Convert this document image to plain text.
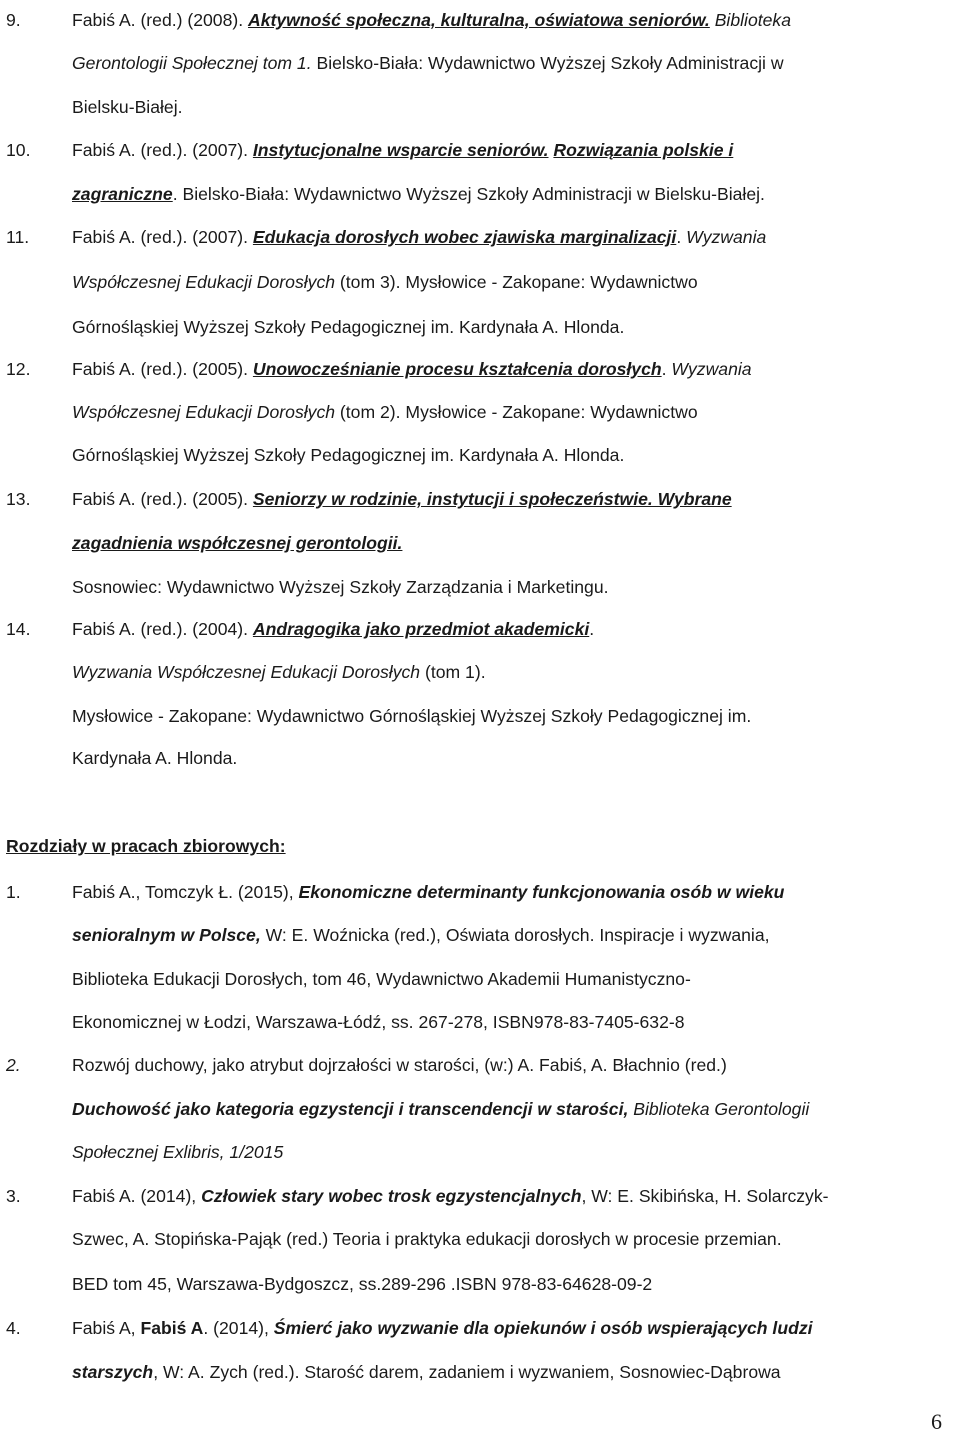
9.	Fabiś A. (red.) (2008). Aktywność społeczna, kulturalna, oświatowa seniorów. Biblioteka
Gerontologii Społecznej tom 1. Bielsko-Biała: Wydawnictwo Wyższej Szkoły Administracji w
Bielsku-Białej.
10. Fabiś A. (red.). (2007). Instytucjonalne wsparcie seniorów. Rozwiązania polskie i
zagraniczne. Bielsko-Biała: Wydawnictwo Wyższej Szkoły Administracji w Bielsku-Białej.
11. Fabiś A. (red.). (2007). Edukacja dorosłych wobec zjawiska marginalizacji. Wyzwania
Współczesnej Edukacji Dorosłych (tom 3). Mysłowice - Zakopane: Wydawnictwo
Górnośląskiej Wyższej Szkoły Pedagogicznej im. Kardynała A. Hlonda.
12. Fabiś A. (red.). (2005). Unowocześnianie procesu kształcenia dorosłych. Wyzwania
Współczesnej Edukacji Dorosłych (tom 2). Mysłowice - Zakopane: Wydawnictwo
Górnośląskiej Wyższej Szkoły Pedagogicznej im. Kardynała A. Hlonda.
13. Fabiś A. (red.). (2005). Seniorzy w rodzinie, instytucji i społeczeństwie. Wybrane
zagadnienia współczesnej gerontologii.
Sosnowiec: Wydawnictwo Wyższej Szkoły Zarządzania i Marketingu.
14. Fabiś A. (red.). (2004). Andragogika jako przedmiot akademicki.
Wyzwania Współczesnej Edukacji Dorosłych (tom 1).
Mysłowice - Zakopane: Wydawnictwo Górnośląskiej Wyższej Szkoły Pedagogicznej im.
Kardynała A. Hlonda.
Rozdziały w pracach zbiorowych:
1.	Fabiś A., Tomczyk Ł. (2015), Ekonomiczne determinanty funkcjonowania osób w wieku
senioralnym w Polsce, W: E. Woźnicka (red.), Oświata dorosłych. Inspiracje i wyzwania,
Biblioteka Edukacji Dorosłych, tom 46, Wydawnictwo Akademii Humanistyczno-
Ekonomicznej w Łodzi, Warszawa-Łódź, ss. 267-278, ISBN978-83-7405-632-8
2.	Rozwój duchowy, jako atrybut dojrzałości w starości, (w:) A. Fabiś, A. Błachnio (red.)
Duchowość jako kategoria egzystencji i transcendencji w starości, Biblioteka Gerontologii
Społecznej Exlibris, 1/2015
3.	Fabiś A. (2014), Człowiek stary wobec trosk egzystencjalnych, W: E. Skibińska, H. Solarczyk-
Szwec, A. Stopińska-Pająk (red.) Teoria i praktyka edukacji dorosłych w procesie przemian.
BED tom 45, Warszawa-Bydgoszcz, ss.289-296 .ISBN 978-83-64628-09-2
4.	Fabiś A, Fabiś A. (2014), Śmierć jako wyzwanie dla opiekunów i osób wspierających ludzi
starszych, W: A. Zych (red.). Starość darem, zadaniem i wyzwaniem, Sosnowiec-Dąbrowa
6
